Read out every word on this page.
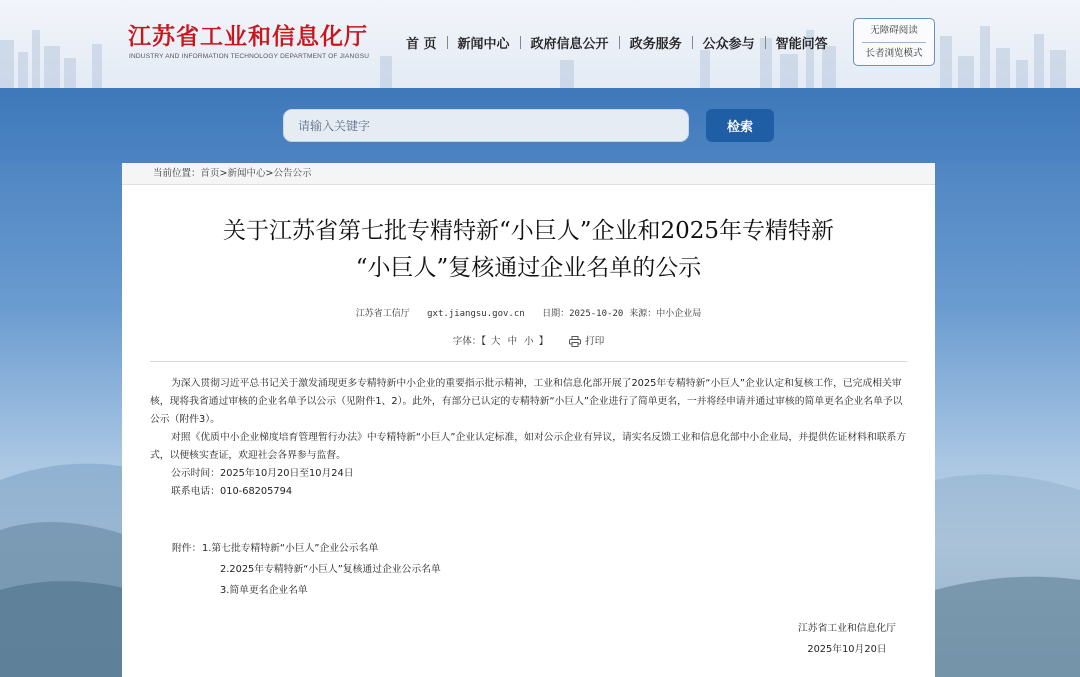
江苏省工业和信息化厅
INDUSTRY AND INFORMATION TECHNOLOGY DEPARTMENT OF JIANGSU
首 页	新闻中心	政府信息公开	政务服务	公众参与	智能问答
无障碍阅读
长者浏览模式
请输入关键字
检索
当前位置： 首页 > 新闻中心 > 公告公示
关于江苏省第七批专精特新“小巨人”企业和2025年专精特新
“小巨人”复核通过企业名单的公示
江苏省工信厅 gxt.jiangsu.gov.cn 日期：2025-10-20 来源：中小企业局
字体：【 大 中 小 】	打印

为深入贯彻习近平总书记关于激发涌现更多专精特新中小企业的重要指示批示精神，工业和信息化部开展了2025年专精特新“小巨人”企业认定和复核工作，已完成相关审核，现将我省通过审核的企业名单予以公示（见附件1、2）。此外，有部分已认定的专精特新“小巨人”企业进行了简单更名，一并将经申请并通过审核的简单更名企业名单予以公示（附件3）。

对照《优质中小企业梯度培育管理暂行办法》中专精特新“小巨人”企业认定标准，如对公示企业有异议，请实名反馈工业和信息化部中小企业局，并提供佐证材料和联系方式，以便核实查证，欢迎社会各界参与监督。

公示时间：2025年10月20日至10月24日

联系电话：010-68205794

附件： 1.第七批专精特新“小巨人”企业公示名单
2.2025年专精特新“小巨人”复核通过企业公示名单
3.简单更名企业名单
江苏省工业和信息化厅
2025年10月20日
